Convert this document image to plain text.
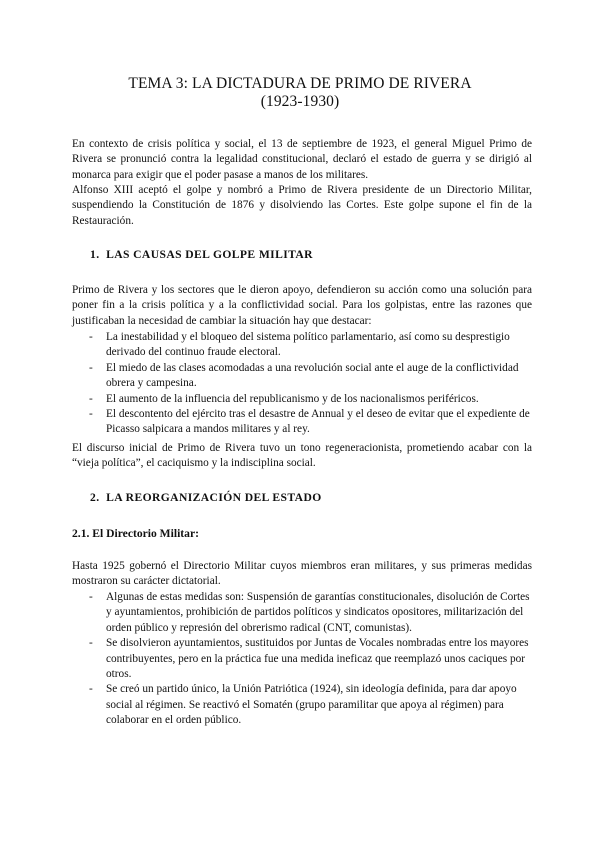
TEMA 3: LA DICTADURA DE PRIMO DE RIVERA
(1923-1930)

En contexto de crisis política y social, el 13 de septiembre de 1923, el general Miguel Primo de Rivera se pronunció contra la legalidad constitucional, declaró el estado de guerra y se dirigió al monarca para exigir que el poder pasase a manos de los militares.

Alfonso XIII aceptó el golpe y nombró a Primo de Rivera presidente de un Directorio Militar, suspendiendo la Constitución de 1876 y disolviendo las Cortes. Este golpe supone el fin de la Restauración.

1. LAS CAUSAS DEL GOLPE MILITAR

Primo de Rivera y los sectores que le dieron apoyo, defendieron su acción como una solución para poner fin a la crisis política y a la conflictividad social. Para los golpistas, entre las razones que justificaban la necesidad de cambiar la situación hay que destacar:

- La inestabilidad y el bloqueo del sistema político parlamentario, así como su desprestigio derivado del continuo fraude electoral.
- El miedo de las clases acomodadas a una revolución social ante el auge de la conflictividad obrera y campesina.
- El aumento de la influencia del republicanismo y de los nacionalismos periféricos.
- El descontento del ejército tras el desastre de Annual y el deseo de evitar que el expediente de Picasso salpicara a mandos militares y al rey.

El discurso inicial de Primo de Rivera tuvo un tono regeneracionista, prometiendo acabar con la “vieja política”, el caciquismo y la indisciplina social.

2. LA REORGANIZACIÓN DEL ESTADO
2.1. El Directorio Militar:

Hasta 1925 gobernó el Directorio Militar cuyos miembros eran militares, y sus primeras medidas mostraron su carácter dictatorial.

- Algunas de estas medidas son: Suspensión de garantías constitucionales, disolución de Cortes y ayuntamientos, prohibición de partidos políticos y sindicatos opositores, militarización del orden público y represión del obrerismo radical (CNT, comunistas).
- Se disolvieron ayuntamientos, sustituidos por Juntas de Vocales nombradas entre los mayores contribuyentes, pero en la práctica fue una medida ineficaz que reemplazó unos caciques por otros.
- Se creó un partido único, la Unión Patriótica (1924), sin ideología definida, para dar apoyo social al régimen. Se reactivó el Somatén (grupo paramilitar que apoya al régimen) para colaborar en el orden público.
